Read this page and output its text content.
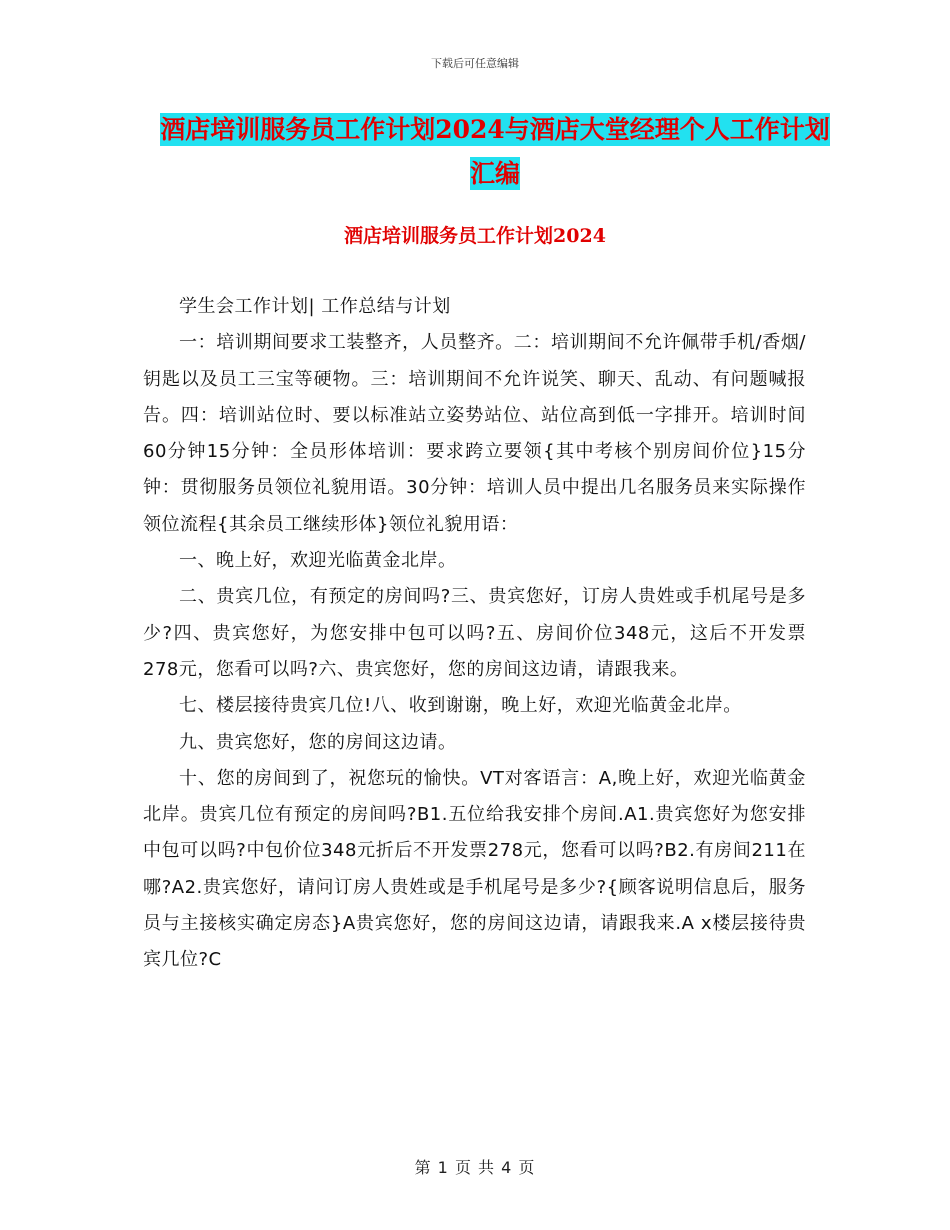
下载后可任意编辑
酒店培训服务员工作计划2024与酒店大堂经理个人工作计划汇编
酒店培训服务员工作计划2024

学生会工作计划| 工作总结与计划

一：培训期间要求工装整齐，人员整齐。二：培训期间不允许佩带手机/香烟/钥匙以及员工三宝等硬物。三：培训期间不允许说笑、聊天、乱动、有问题喊报告。四：培训站位时、要以标准站立姿势站位、站位高到低一字排开。培训时间60分钟15分钟：全员形体培训：要求跨立要领{其中考核个别房间价位}15分钟：贯彻服务员领位礼貌用语。30分钟：培训人员中提出几名服务员来实际操作领位流程{其余员工继续形体}领位礼貌用语：

一、晚上好，欢迎光临黄金北岸。

二、贵宾几位，有预定的房间吗?三、贵宾您好，订房人贵姓或手机尾号是多少?四、贵宾您好，为您安排中包可以吗?五、房间价位348元，这后不开发票278元，您看可以吗?六、贵宾您好，您的房间这边请，请跟我来。

七、楼层接待贵宾几位!八、收到谢谢，晚上好，欢迎光临黄金北岸。

九、贵宾您好，您的房间这边请。

十、您的房间到了，祝您玩的愉快。VT对客语言：A,晚上好，欢迎光临黄金北岸。贵宾几位有预定的房间吗?B1.五位给我安排个房间.A1.贵宾您好为您安排中包可以吗?中包价位348元折后不开发票278元，您看可以吗?B2.有房间211在哪?A2.贵宾您好，请问订房人贵姓或是手机尾号是多少?{顾客说明信息后，服务员与主接核实确定房态}A贵宾您好，您的房间这边请，请跟我来.A x楼层接待贵宾几位?C

第 1 页 共 4 页
